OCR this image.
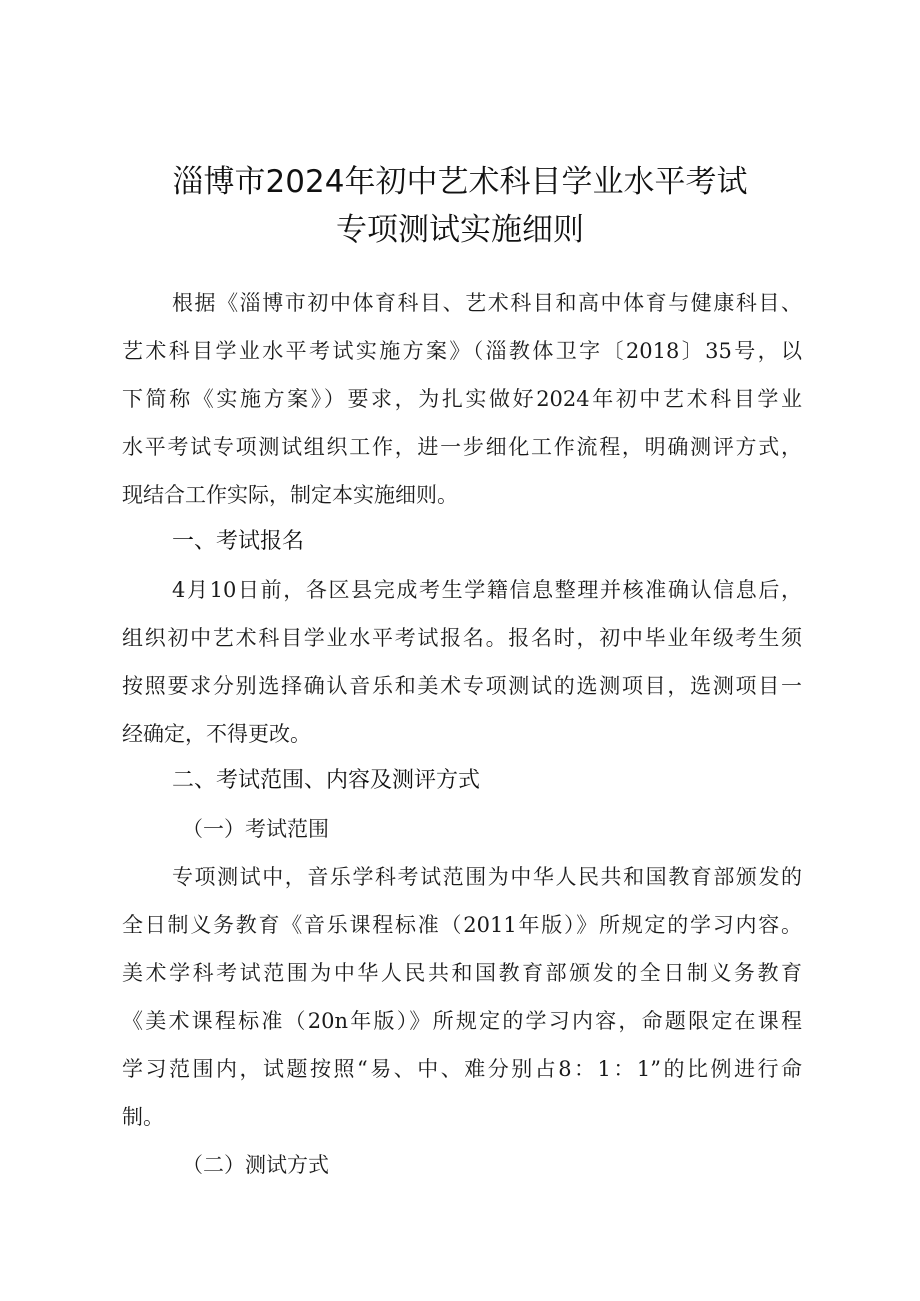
淄博市2024年初中艺术科目学业水平考试
专项测试实施细则
根据《淄博市初中体育科目、艺术科目和高中体育与健康科目、
艺术科目学业水平考试实施方案》（淄教体卫字〔2018〕35号，以
下简称《实施方案》）要求，为扎实做好2024年初中艺术科目学业
水平考试专项测试组织工作，进一步细化工作流程，明确测评方式，
现结合工作实际，制定本实施细则。
一、考试报名
4月10日前，各区县完成考生学籍信息整理并核准确认信息后，
组织初中艺术科目学业水平考试报名。报名时，初中毕业年级考生须
按照要求分别选择确认音乐和美术专项测试的选测项目，选测项目一
经确定，不得更改。
二、考试范围、内容及测评方式
（一）考试范围
专项测试中，音乐学科考试范围为中华人民共和国教育部颁发的
全日制义务教育《音乐课程标准（2011年版）》所规定的学习内容。
美术学科考试范围为中华人民共和国教育部颁发的全日制义务教育
《美术课程标准（20n年版）》所规定的学习内容，命题限定在课程
学习范围内，试题按照“易、中、难分别占8：1：1”的比例进行命
制。
（二）测试方式
